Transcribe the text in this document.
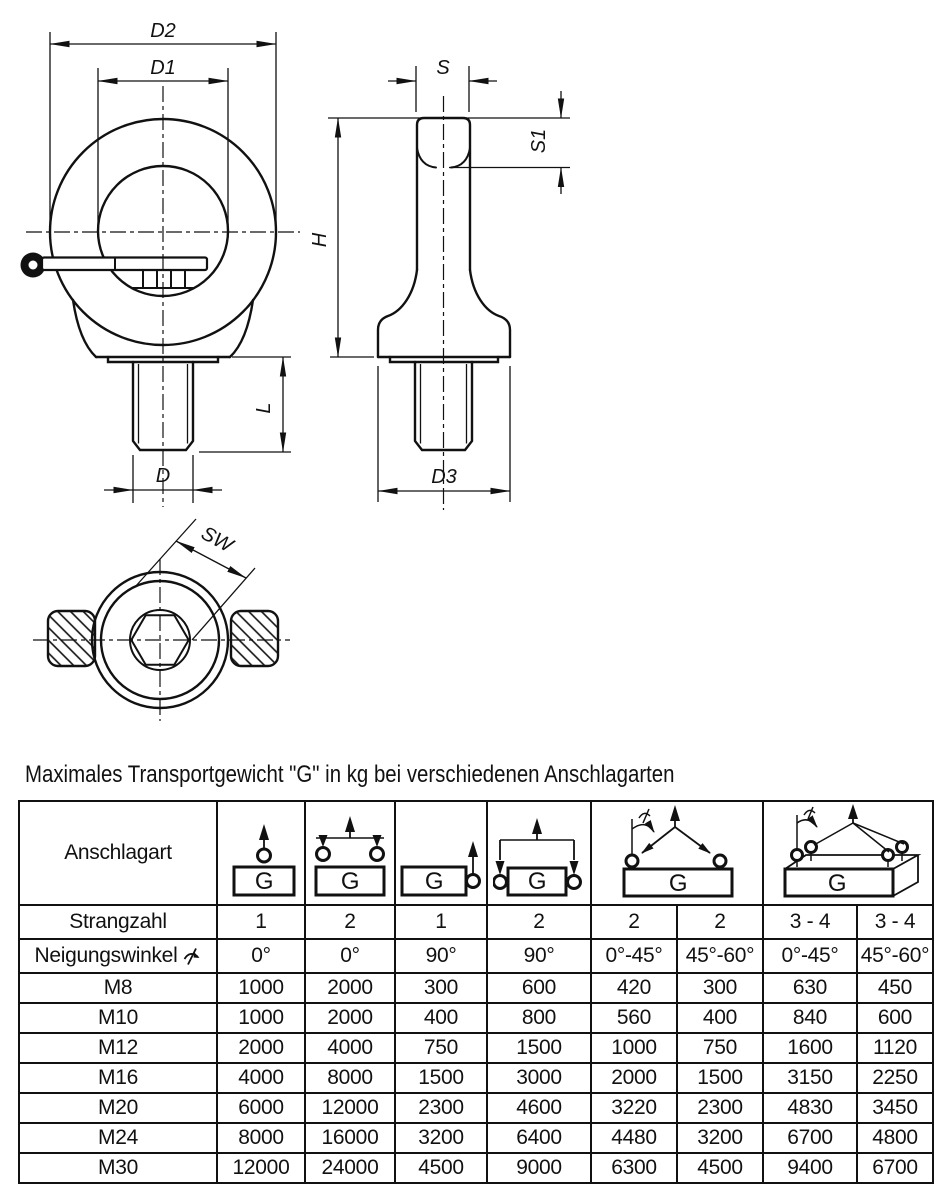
D2
D1
L
D
S
S1
H
D3
SW
Maximales Transportgewicht "G" in kg bei verschiedenen Anschlagarten
Anschlagart	G	G	G	G	G		G	

Strangzahl	1	2	1	2	2	2	3 - 4	3 - 4

Neigungswinkel	0°	0°	90°	90°	0°-45°	45°-60°	0°-45°	45°-60°
M8	1000	2000	300	600	420	300	630	450
M10	1000	2000	400	800	560	400	840	600
M12	2000	4000	750	1500	1000	750	1600	1120
M16	4000	8000	1500	3000	2000	1500	3150	2250
M20	6000	12000	2300	4600	3220	2300	4830	3450
M24	8000	16000	3200	6400	4480	3200	6700	4800
M30	12000	24000	4500	9000	6300	4500	9400	6700
